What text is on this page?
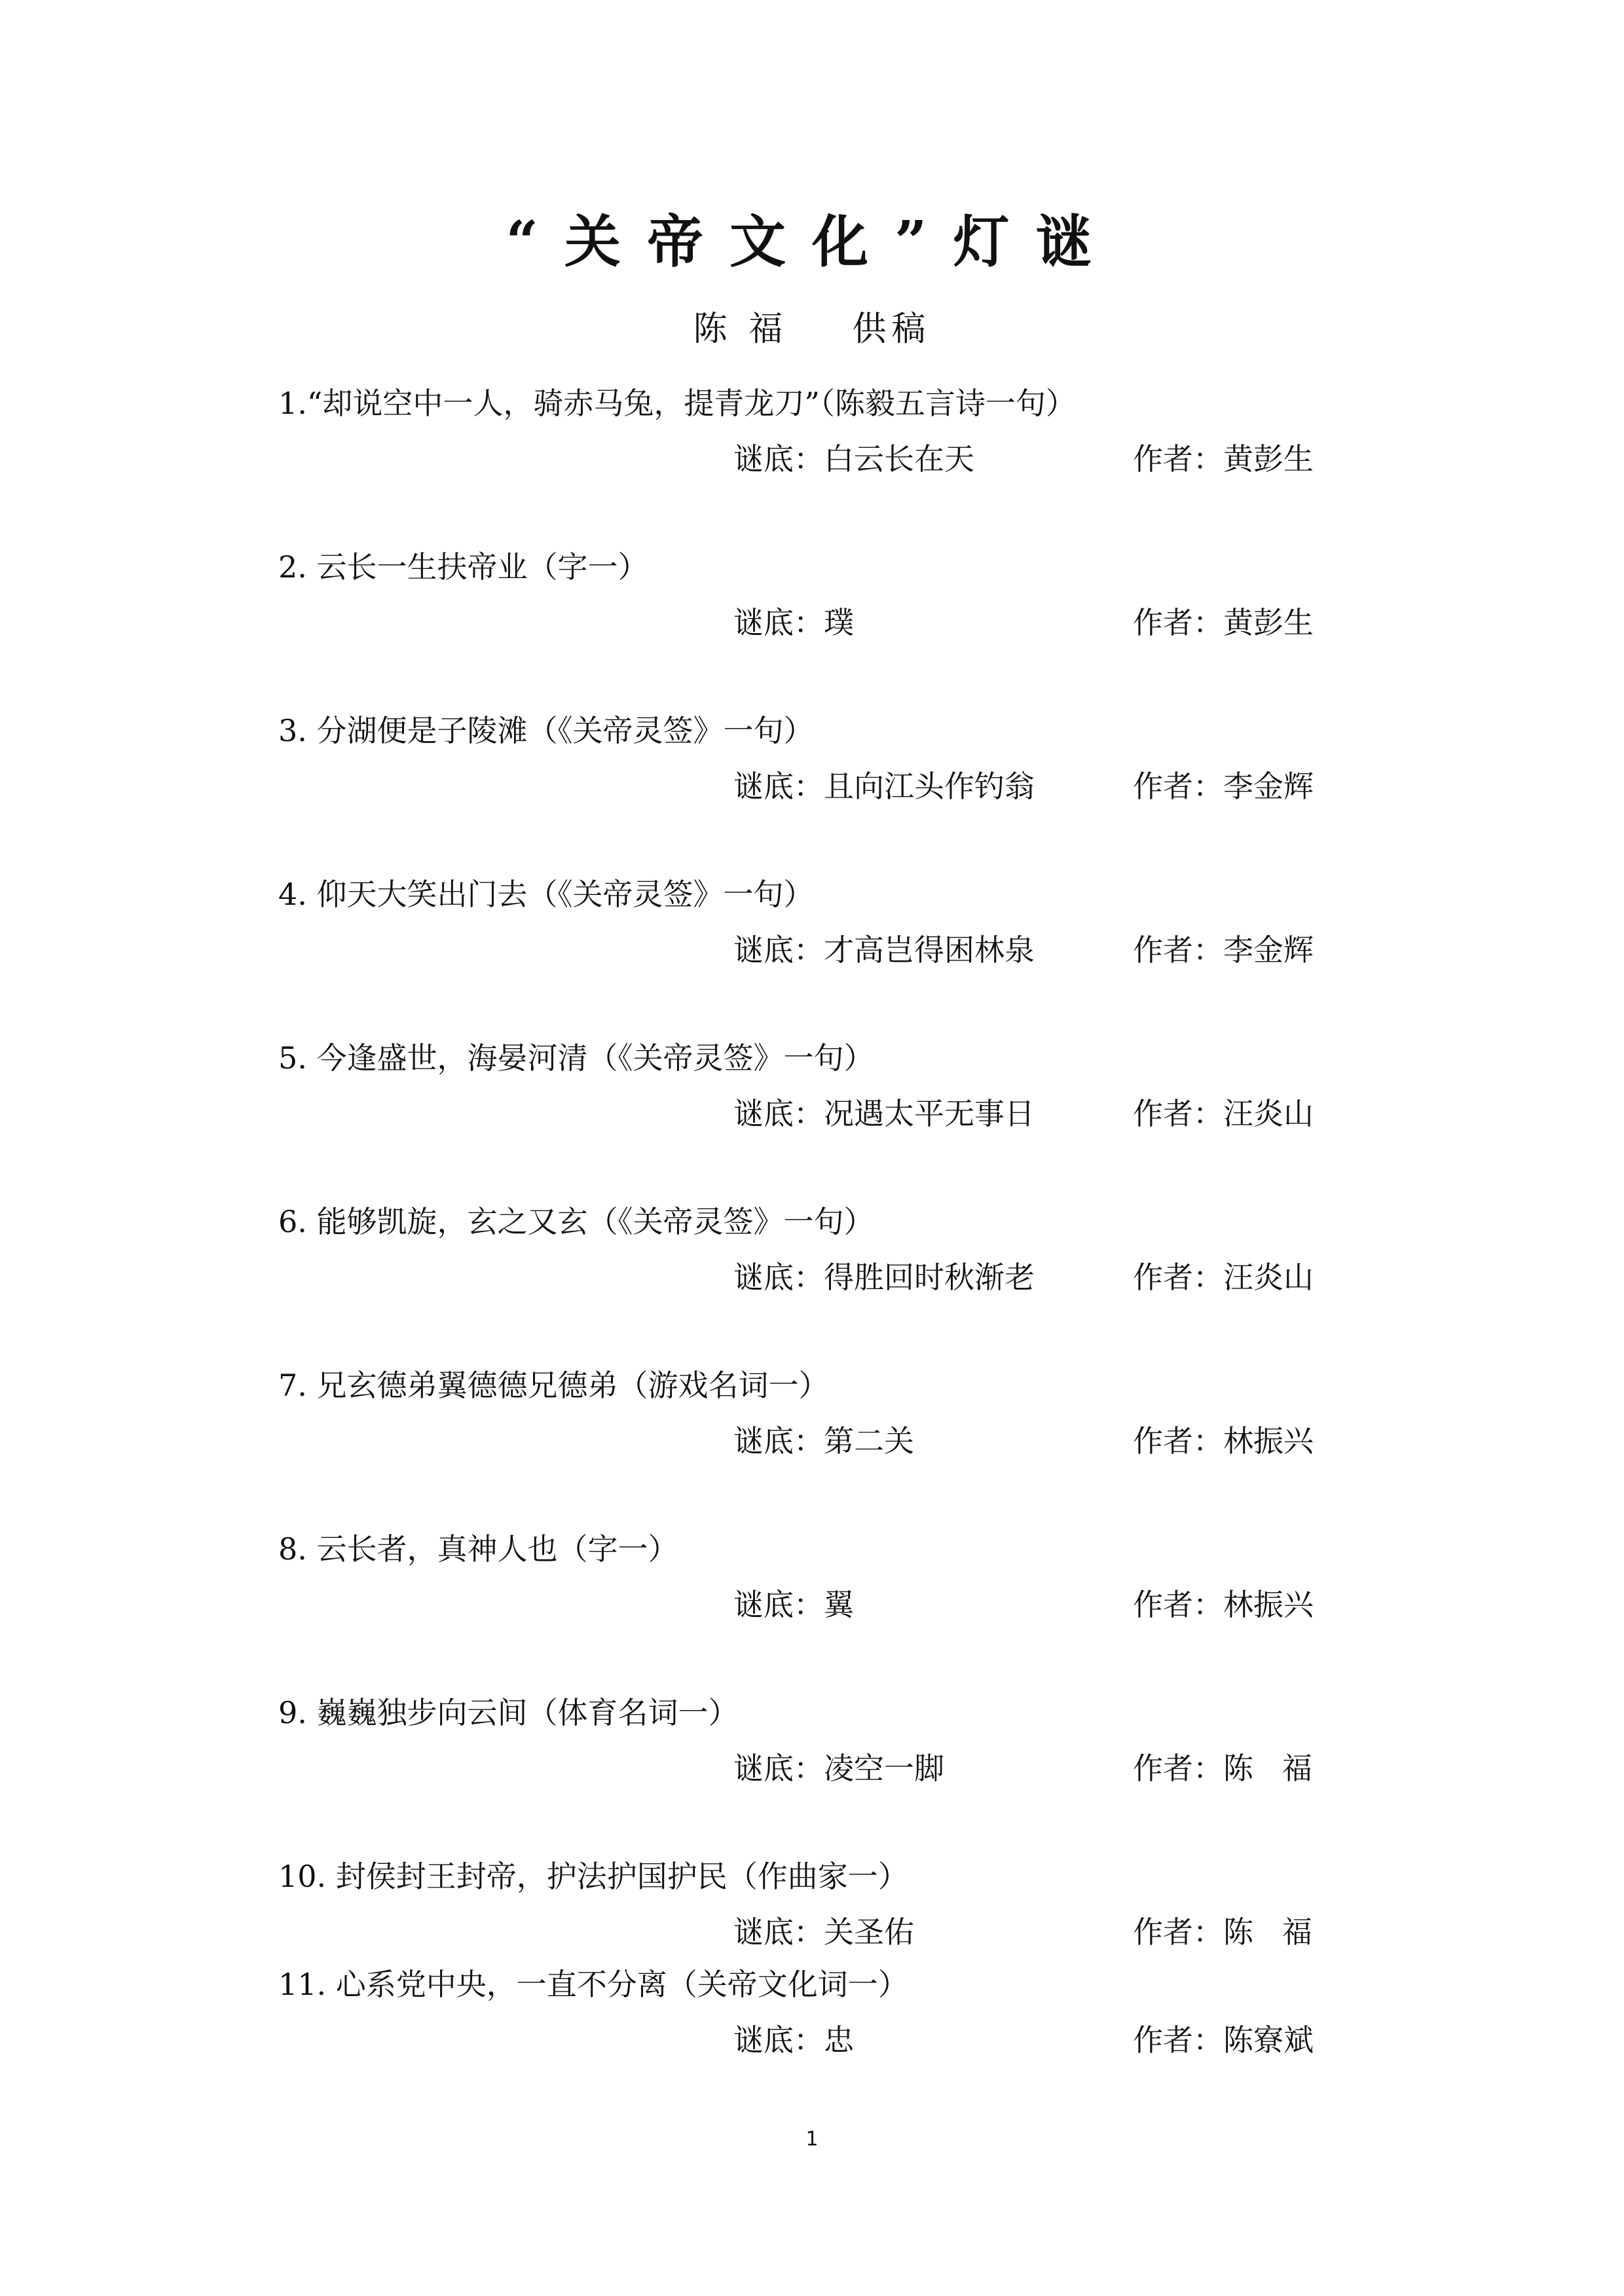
“关帝文化”灯谜
陈 福    供稿
1.“却说空中一人，骑赤马兔，提青龙刀”（陈毅五言诗一句）
谜底：白云长在天	作者：黄彭生
2. 云长一生扶帝业（字一）
谜底：璞	作者：黄彭生
3. 分湖便是子陵滩（《关帝灵签》一句）
谜底：且向江头作钓翁	作者：李金辉
4. 仰天大笑出门去（《关帝灵签》一句）
谜底：才高岂得困林泉	作者：李金辉
5. 今逢盛世，海晏河清（《关帝灵签》一句）
谜底：况遇太平无事日	作者：汪炎山
6. 能够凯旋，玄之又玄（《关帝灵签》一句）
谜底：得胜回时秋渐老	作者：汪炎山
7. 兄玄德弟翼德德兄德弟（游戏名词一）
谜底：第二关	作者：林振兴
8. 云长者，真神人也（字一）
谜底：翼	作者：林振兴
9. 巍巍独步向云间（体育名词一）
谜底：凌空一脚	作者：陈   福
10. 封侯封王封帝，护法护国护民（作曲家一）
谜底：关圣佑	作者：陈   福
11. 心系党中央，一直不分离（关帝文化词一）
谜底：忠	作者：陈寮斌
1
